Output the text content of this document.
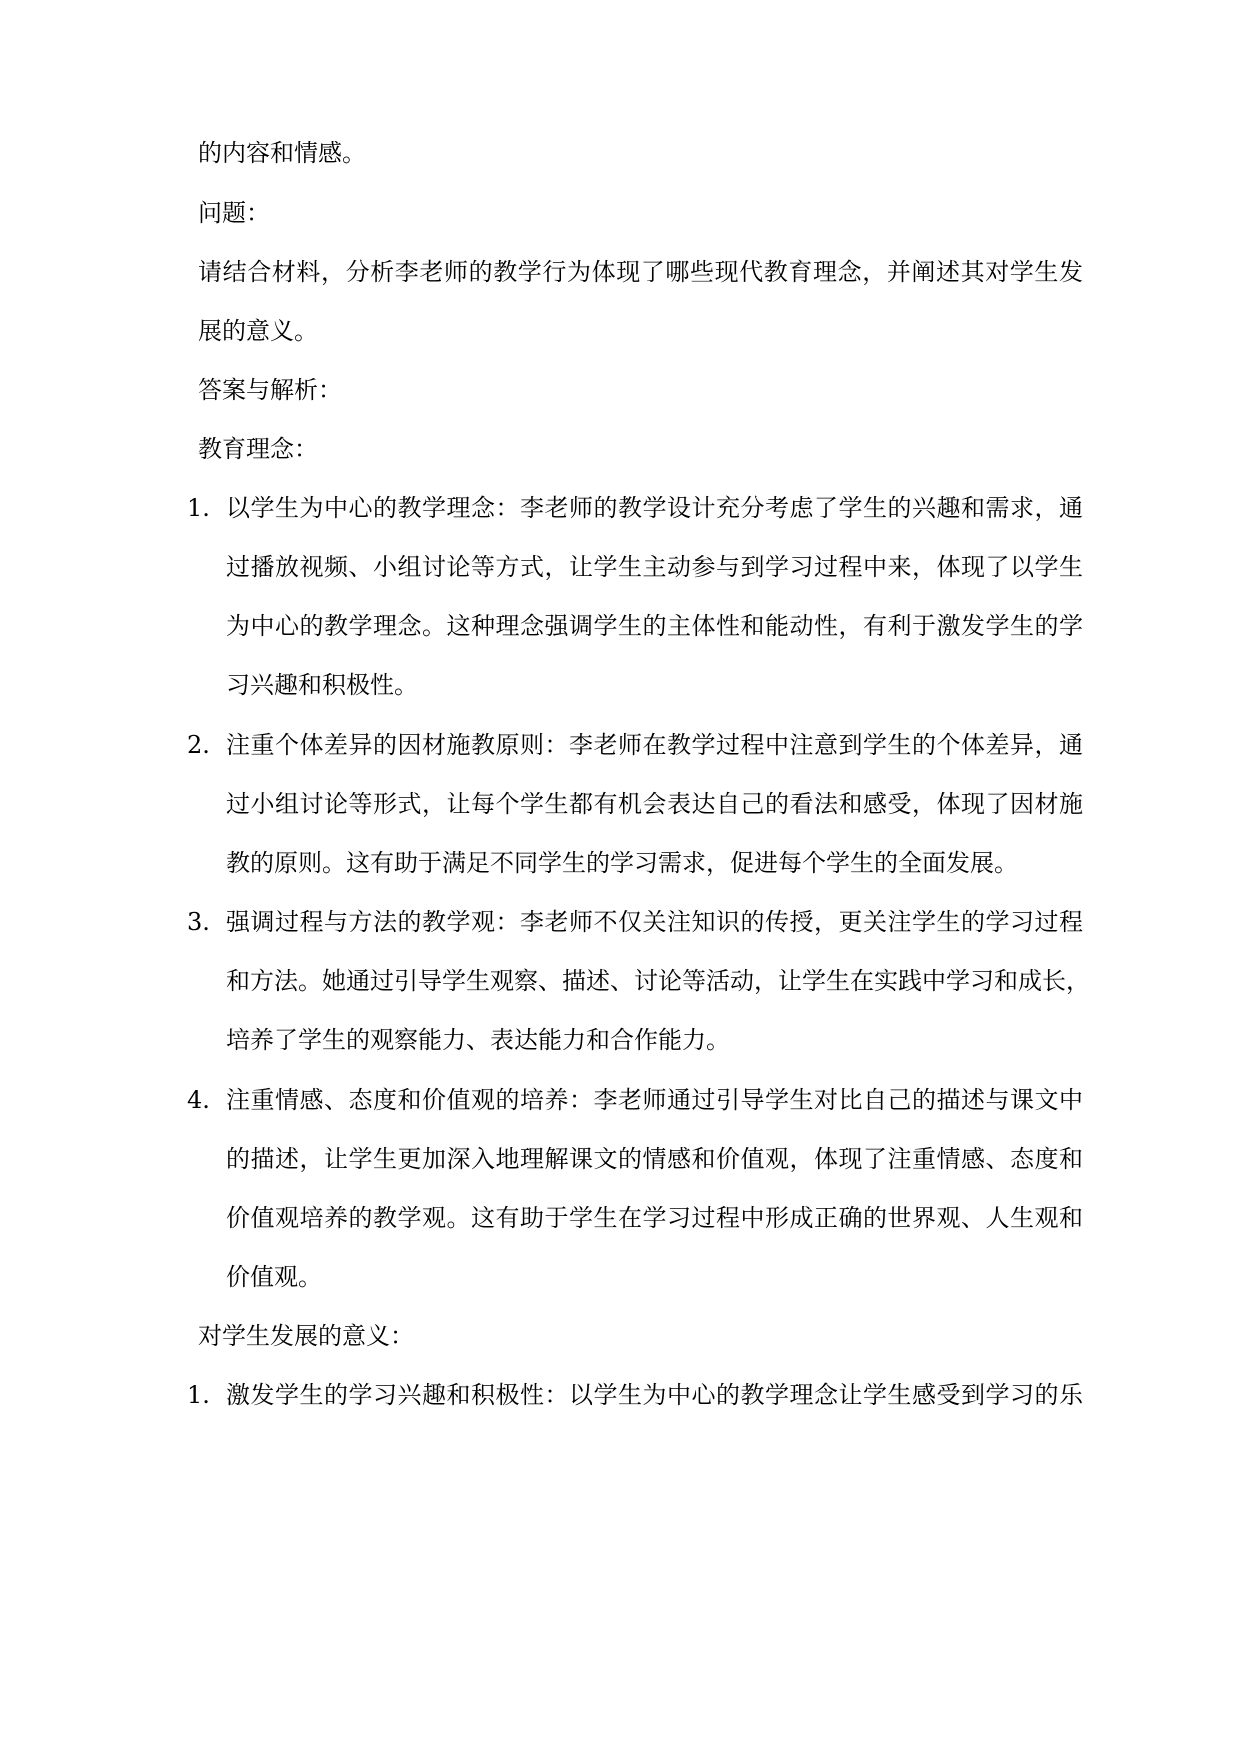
的内容和情感。
问题：
请结合材料，分析李老师的教学行为体现了哪些现代教育理念，并阐述其对学生发
展的意义。
答案与解析：
教育理念：
1. 以学生为中心的教学理念：李老师的教学设计充分考虑了学生的兴趣和需求，通
过播放视频、小组讨论等方式，让学生主动参与到学习过程中来，体现了以学生
为中心的教学理念。这种理念强调学生的主体性和能动性，有利于激发学生的学
习兴趣和积极性。
2. 注重个体差异的因材施教原则：李老师在教学过程中注意到学生的个体差异，通
过小组讨论等形式，让每个学生都有机会表达自己的看法和感受，体现了因材施
教的原则。这有助于满足不同学生的学习需求，促进每个学生的全面发展。
3. 强调过程与方法的教学观：李老师不仅关注知识的传授，更关注学生的学习过程
和方法。她通过引导学生观察、描述、讨论等活动，让学生在实践中学习和成长，
培养了学生的观察能力、表达能力和合作能力。
4. 注重情感、态度和价值观的培养：李老师通过引导学生对比自己的描述与课文中
的描述，让学生更加深入地理解课文的情感和价值观，体现了注重情感、态度和
价值观培养的教学观。这有助于学生在学习过程中形成正确的世界观、人生观和
价值观。
对学生发展的意义：
1. 激发学生的学习兴趣和积极性：以学生为中心的教学理念让学生感受到学习的乐
